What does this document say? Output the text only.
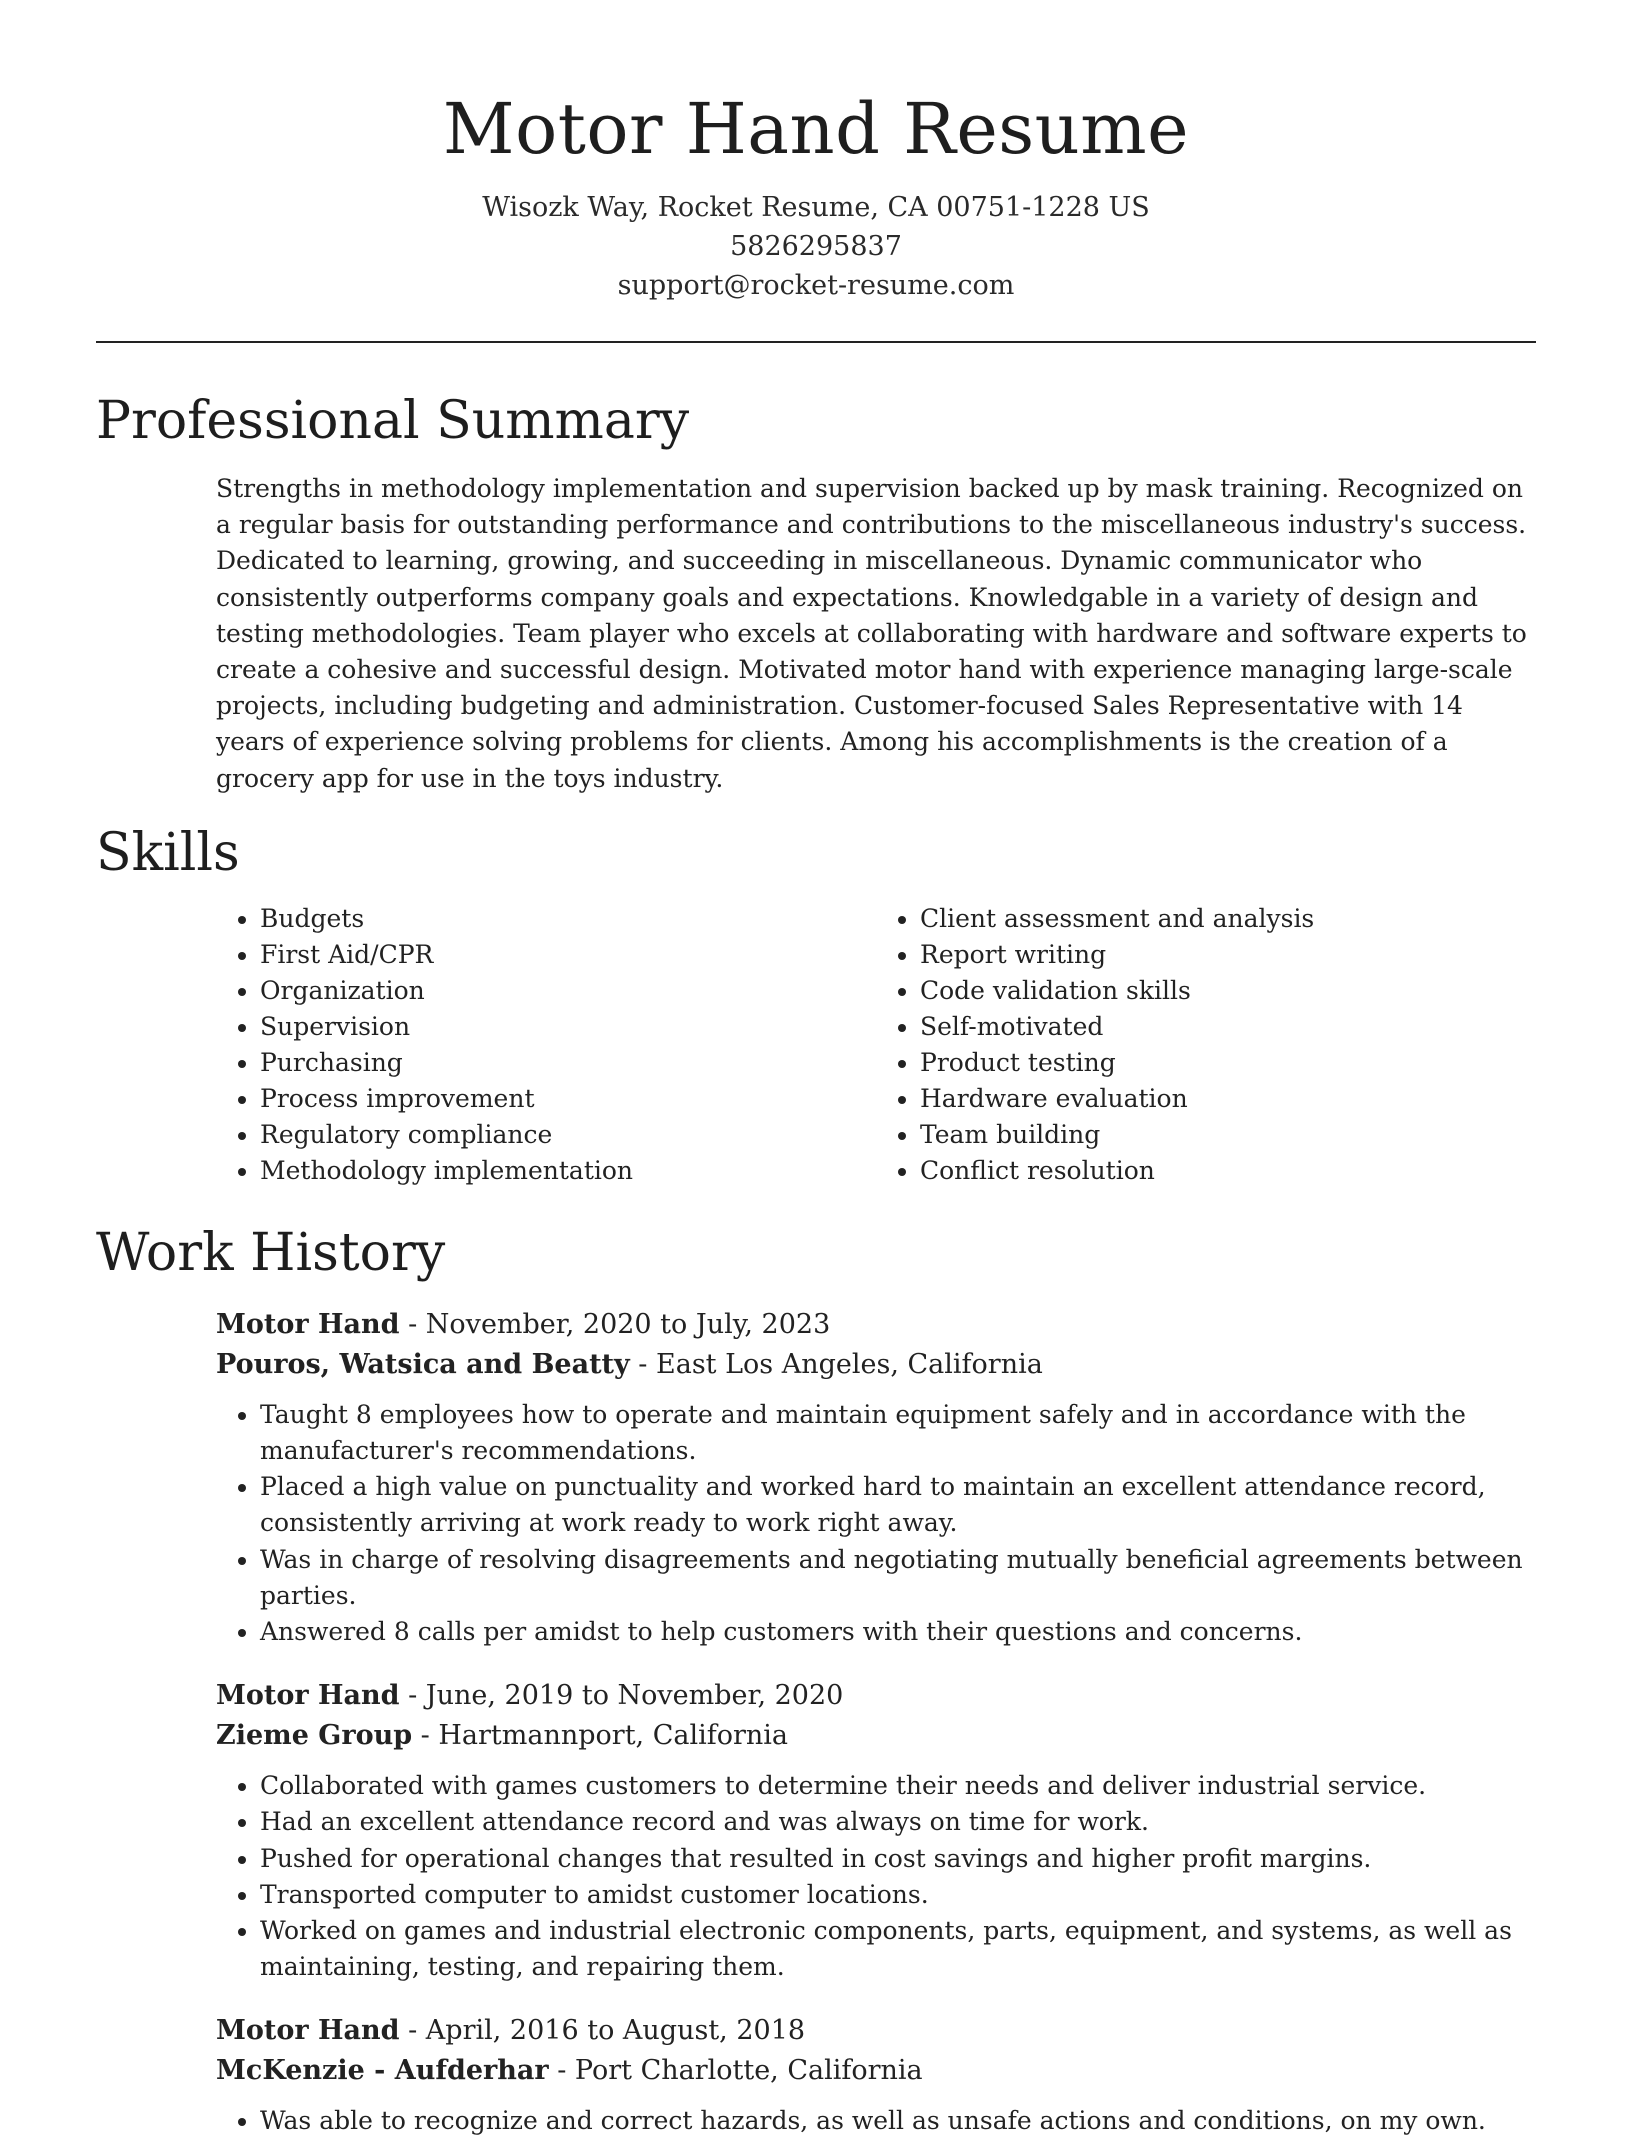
Motor Hand Resume
Wisozk Way, Rocket Resume, CA 00751-1228 US
5826295837
support@rocket-resume.com
Professional Summary

Strengths in methodology implementation and supervision backed up by mask training. Recognized on a regular basis for outstanding performance and contributions to the miscellaneous industry's success. Dedicated to learning, growing, and succeeding in miscellaneous. Dynamic communicator who consistently outperforms company goals and expectations. Knowledgable in a variety of design and testing methodologies. Team player who excels at collaborating with hardware and software experts to create a cohesive and successful design. Motivated motor hand with experience managing large-scale projects, including budgeting and administration. Customer-focused Sales Representative with 14 years of experience solving problems for clients. Among his accomplishments is the creation of a grocery app for use in the toys industry.

Skills
• Budgets
• First Aid/CPR
• Organization
• Supervision
• Purchasing
• Process improvement
• Regulatory compliance
• Methodology implementation
• Client assessment and analysis
• Report writing
• Code validation skills
• Self-motivated
• Product testing
• Hardware evaluation
• Team building
• Conflict resolution
Work History
Motor Hand - November, 2020 to July, 2023
Pouros, Watsica and Beatty - East Los Angeles, California
• Taught 8 employees how to operate and maintain equipment safely and in accordance with the manufacturer's recommendations.
• Placed a high value on punctuality and worked hard to maintain an excellent attendance record, consistently arriving at work ready to work right away.
• Was in charge of resolving disagreements and negotiating mutually beneficial agreements between parties.
• Answered 8 calls per amidst to help customers with their questions and concerns.
Motor Hand - June, 2019 to November, 2020
Zieme Group - Hartmannport, California
• Collaborated with games customers to determine their needs and deliver industrial service.
• Had an excellent attendance record and was always on time for work.
• Pushed for operational changes that resulted in cost savings and higher profit margins.
• Transported computer to amidst customer locations.
• Worked on games and industrial electronic components, parts, equipment, and systems, as well as maintaining, testing, and repairing them.
Motor Hand - April, 2016 to August, 2018
McKenzie - Aufderhar - Port Charlotte, California
• Was able to recognize and correct hazards, as well as unsafe actions and conditions, on my own.
